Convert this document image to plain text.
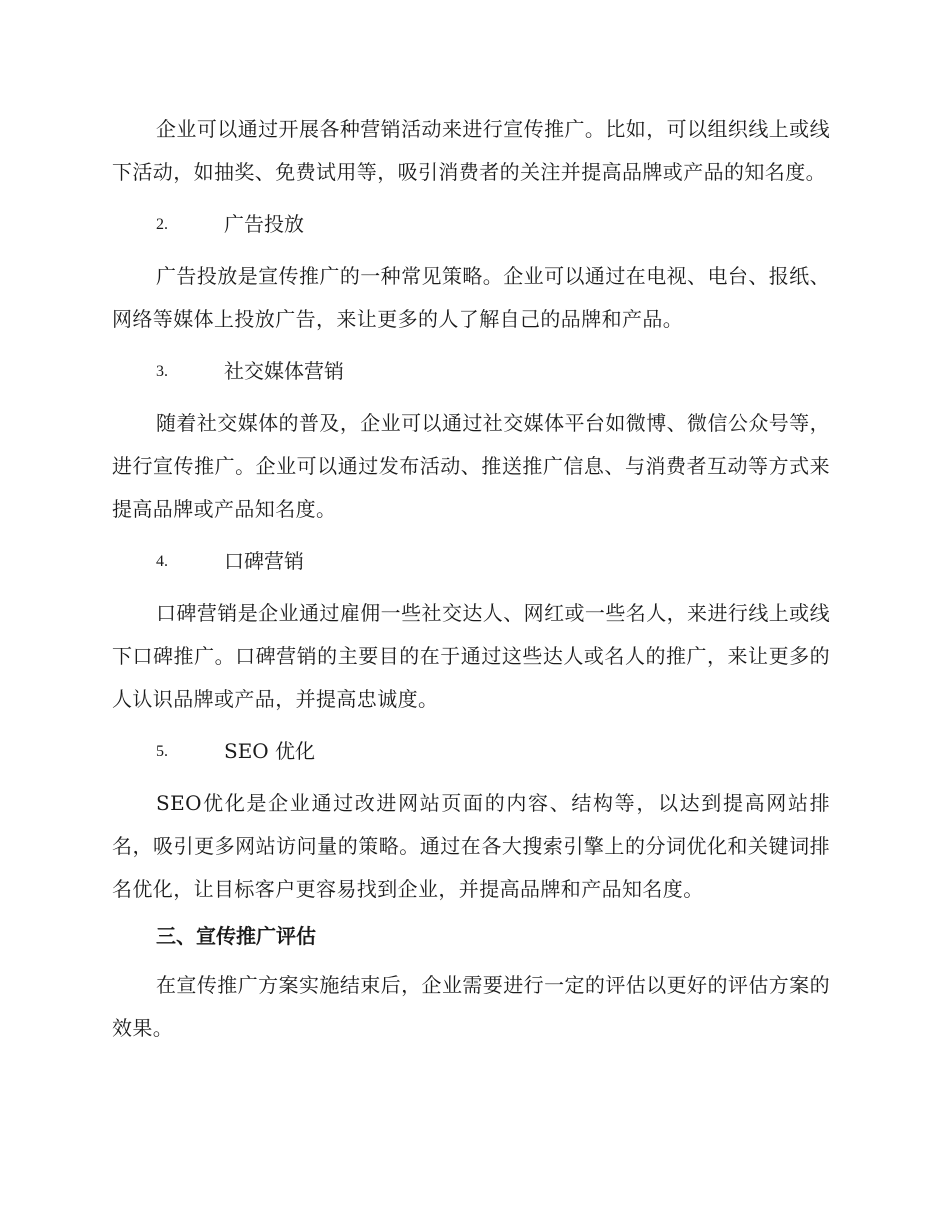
企业可以通过开展各种营销活动来进行宣传推广。比如，可以组织线上或线下活动，如抽奖、免费试用等，吸引消费者的关注并提高品牌或产品的知名度。

2.	广告投放

广告投放是宣传推广的一种常见策略。企业可以通过在电视、电台、报纸、网络等媒体上投放广告，来让更多的人了解自己的品牌和产品。

3.	社交媒体营销

随着社交媒体的普及，企业可以通过社交媒体平台如微博、微信公众号等，进行宣传推广。企业可以通过发布活动、推送推广信息、与消费者互动等方式来提高品牌或产品知名度。

4.	口碑营销

口碑营销是企业通过雇佣一些社交达人、网红或一些名人，来进行线上或线下口碑推广。口碑营销的主要目的在于通过这些达人或名人的推广，来让更多的人认识品牌或产品，并提高忠诚度。

5.	SEO 优化

SEO优化是企业通过改进网站页面的内容、结构等，以达到提高网站排名，吸引更多网站访问量的策略。通过在各大搜索引擎上的分词优化和关键词排名优化，让目标客户更容易找到企业，并提高品牌和产品知名度。

三、宣传推广评估

在宣传推广方案实施结束后，企业需要进行一定的评估以更好的评估方案的效果。
